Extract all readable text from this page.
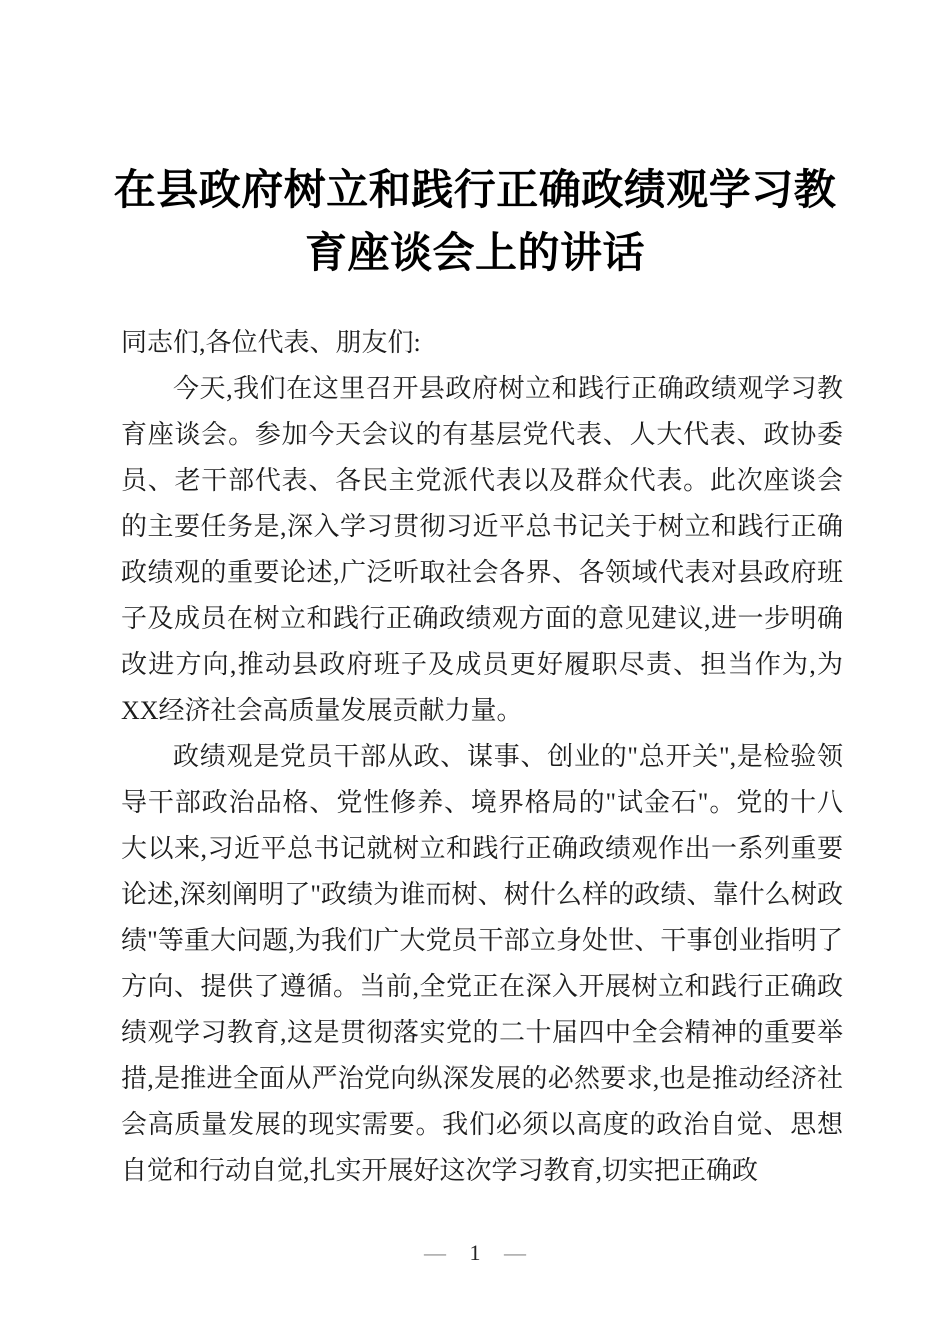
在县政府树立和践行正确政绩观学习教育座谈会上的讲话

同志们,各位代表、朋友们:

今天,我们在这里召开县政府树立和践行正确政绩观学习教育座谈会。参加今天会议的有基层党代表、人大代表、政协委员、老干部代表、各民主党派代表以及群众代表。此次座谈会的主要任务是,深入学习贯彻习近平总书记关于树立和践行正确政绩观的重要论述,广泛听取社会各界、各领域代表对县政府班子及成员在树立和践行正确政绩观方面的意见建议,进一步明确改进方向,推动县政府班子及成员更好履职尽责、担当作为,为XX经济社会高质量发展贡献力量。

政绩观是党员干部从政、谋事、创业的"总开关",是检验领导干部政治品格、党性修养、境界格局的"试金石"。党的十八大以来,习近平总书记就树立和践行正确政绩观作出一系列重要论述,深刻阐明了"政绩为谁而树、树什么样的政绩、靠什么树政绩"等重大问题,为我们广大党员干部立身处世、干事创业指明了方向、提供了遵循。当前,全党正在深入开展树立和践行正确政绩观学习教育,这是贯彻落实党的二十届四中全会精神的重要举措,是推进全面从严治党向纵深发展的必然要求,也是推动经济社会高质量发展的现实需要。我们必须以高度的政治自觉、思想自觉和行动自觉,扎实开展好这次学习教育,切实把正确政

— 1 —
